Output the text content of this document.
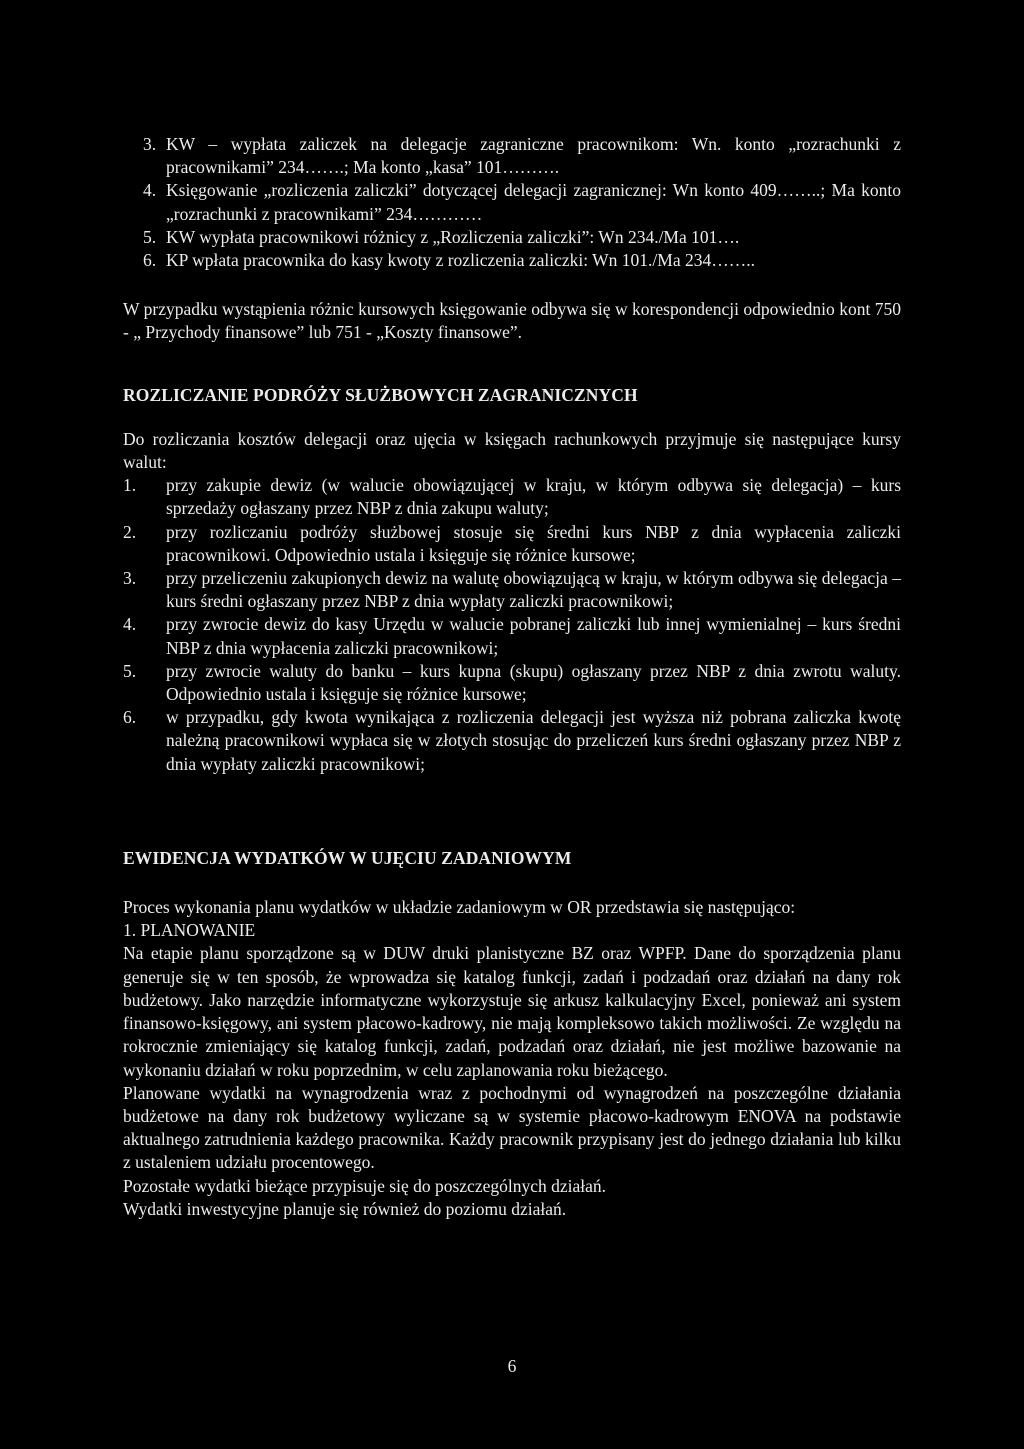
3. KW – wypłata zaliczek na delegacje zagraniczne pracownikom: Wn. konto „rozrachunki z pracownikami” 234…….; Ma konto „kasa” 101……….
4. Księgowanie „rozliczenia zaliczki” dotyczącej delegacji zagranicznej: Wn konto 409……..; Ma konto „rozrachunki z pracownikami” 234…………
5. KW wypłata pracownikowi różnicy z „Rozliczenia zaliczki”: Wn 234./Ma 101….
6. KP wpłata pracownika do kasy kwoty z rozliczenia zaliczki: Wn 101./Ma 234……..

W przypadku wystąpienia różnic kursowych księgowanie odbywa się w korespondencji odpowiednio kont 750 - „ Przychody finansowe” lub 751 - „Koszty finansowe”.

ROZLICZANIE PODRÓŻY SŁUŻBOWYCH ZAGRANICZNYCH

Do rozliczania kosztów delegacji oraz ujęcia w księgach rachunkowych przyjmuje się następujące kursy walut:

1. przy zakupie dewiz (w walucie obowiązującej w kraju, w którym odbywa się delegacja) – kurs sprzedaży ogłaszany przez NBP z dnia zakupu waluty;
2. przy rozliczaniu podróży służbowej stosuje się średni kurs NBP z dnia wypłacenia zaliczki pracownikowi. Odpowiednio ustala i księguje się różnice kursowe;
3. przy przeliczeniu zakupionych dewiz na walutę obowiązującą w kraju, w którym odbywa się delegacja – kurs średni ogłaszany przez NBP z dnia wypłaty zaliczki pracownikowi;
4. przy zwrocie dewiz do kasy Urzędu w walucie pobranej zaliczki lub innej wymienialnej – kurs średni NBP z dnia wypłacenia zaliczki pracownikowi;
5. przy zwrocie waluty do banku – kurs kupna (skupu) ogłaszany przez NBP z dnia zwrotu waluty. Odpowiednio ustala i księguje się różnice kursowe;
6. w przypadku, gdy kwota wynikająca z rozliczenia delegacji jest wyższa niż pobrana zaliczka kwotę należną pracownikowi wypłaca się w złotych stosując do przeliczeń kurs średni ogłaszany przez NBP z dnia wypłaty zaliczki pracownikowi;
EWIDENCJA WYDATKÓW W UJĘCIU ZADANIOWYM

Proces wykonania planu wydatków w układzie zadaniowym w OR przedstawia się następująco:

1. PLANOWANIE

Na etapie planu sporządzone są w DUW druki planistyczne BZ oraz WPFP. Dane do sporządzenia planu generuje się w ten sposób, że wprowadza się katalog funkcji, zadań i podzadań oraz działań na dany rok budżetowy. Jako narzędzie informatyczne wykorzystuje się arkusz kalkulacyjny Excel, ponieważ ani system finansowo-księgowy, ani system płacowo-kadrowy, nie mają kompleksowo takich możliwości. Ze względu na rokrocznie zmieniający się katalog funkcji, zadań, podzadań oraz działań, nie jest możliwe bazowanie na wykonaniu działań w roku poprzednim, w celu zaplanowania roku bieżącego.

Planowane wydatki na wynagrodzenia wraz z pochodnymi od wynagrodzeń na poszczególne działania budżetowe na dany rok budżetowy wyliczane są w systemie płacowo-kadrowym ENOVA na podstawie aktualnego zatrudnienia każdego pracownika. Każdy pracownik przypisany jest do jednego działania lub kilku z ustaleniem udziału procentowego.

Pozostałe wydatki bieżące przypisuje się do poszczególnych działań.

Wydatki inwestycyjne planuje się również do poziomu działań.

6
